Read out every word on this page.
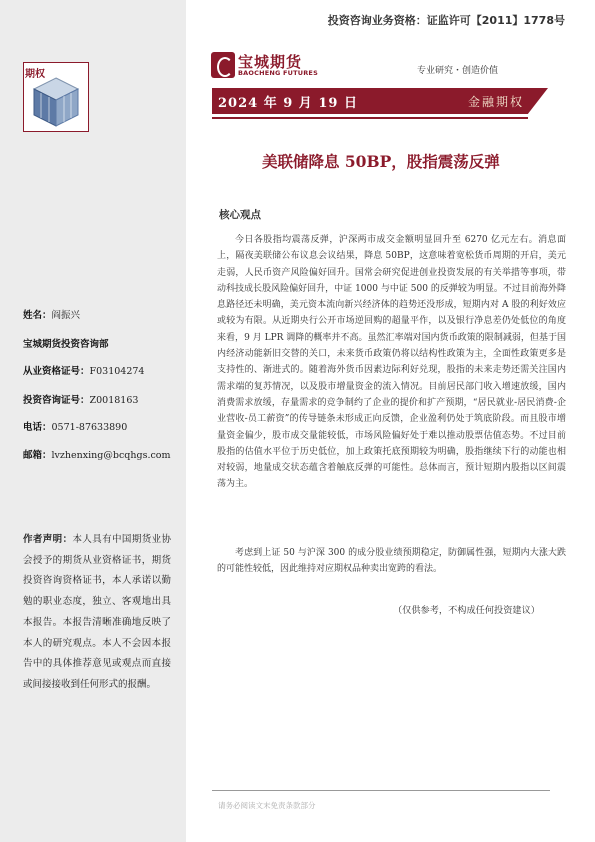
投资咨询业务资格：证监许可【2011】1778号
宝城期货
BAOCHENG FUTURES	专业研究・创造价值
2024 年 9 月 19 日	金融期权
期权
美联储降息 50BP，股指震荡反弹
核心观点

今日各股指均震荡反弹，沪深两市成交金额明显回升至 6270 亿元左右。消息面上，隔夜美联储公布议息会议结果，降息 50BP，这意味着宽松货币周期的开启，美元走弱，人民币资产风险偏好回升。国常会研究促进创业投资发展的有关举措等事项，带动科技成长股风险偏好回升，中证 1000 与中证 500 的反弹较为明显。不过目前海外降息路径还未明确，美元资本流向新兴经济体的趋势还没形成，短期内对 A 股的利好效应或较为有限。从近期央行公开市场逆回购的超量平作，以及银行净息差仍处低位的角度来看，9 月 LPR 调降的概率并不高。虽然汇率端对国内货币政策的限制减弱，但基于国内经济动能新旧交替的关口，未来货币政策仍将以结构性政策为主，全面性政策更多是支持性的、渐进式的。随着海外货币因素边际利好兑现，股指的未来走势还需关注国内需求端的复苏情况，以及股市增量资金的流入情况。目前居民部门收入增速放缓，国内消费需求放缓，存量需求的竞争制约了企业的提价和扩产预期，“居民就业-居民消费-企业营收-员工薪资”的传导链条未形成正向反馈，企业盈利仍处于筑底阶段。而且股市增量资金偏少，股市成交量能较低，市场风险偏好处于难以推动股票估值态势。不过目前股指的估值水平位于历史低位，加上政策托底预期较为明确，股指继续下行的动能也相对较弱，地量成交状态蕴含着触底反弹的可能性。总体而言，预计短期内股指以区间震荡为主。

考虑到上证 50 与沪深 300 的成分股业绩预期稳定，防御属性强，短期内大涨大跌的可能性较低，因此维持对应期权品种卖出宽跨的看法。

（仅供参考，不构成任何投资建议）
姓名：阎振兴
宝城期货投资咨询部
从业资格证号：F03104274
投资咨询证号：Z0018163
电话：0571-87633890
邮箱：lvzhenxing@bcqhgs.com
作者声明：本人具有中国期货业协会授予的期货从业资格证书，期货投资咨询资格证书，本人承诺以勤勉的职业态度，独立、客观地出具本报告。本报告清晰准确地反映了本人的研究观点。本人不会因本报告中的具体推荐意见或观点而直接或间接接收到任何形式的报酬。
请务必阅读文末免责条款部分
